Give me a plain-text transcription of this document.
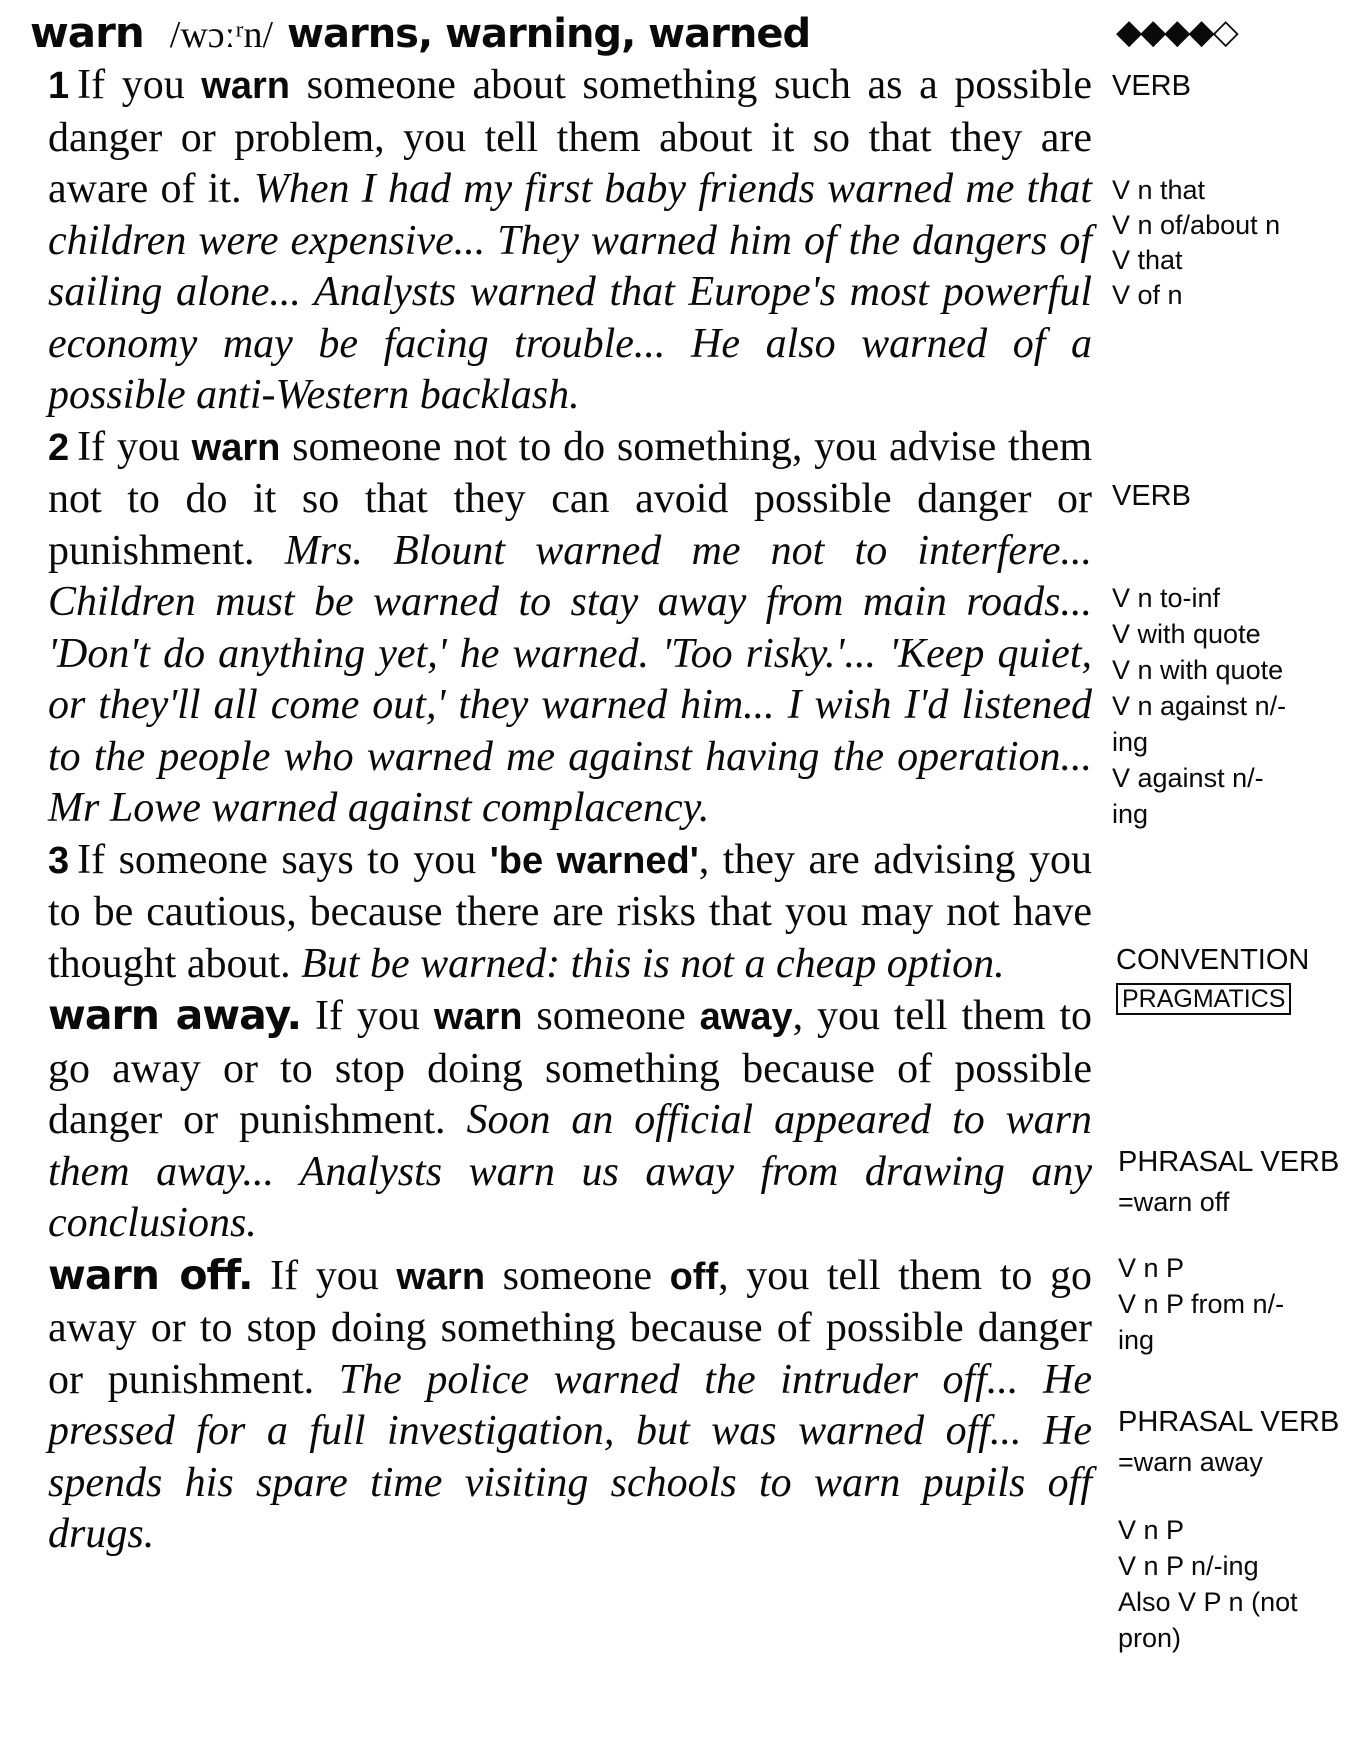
warn /wɔːʳn/ warns, warning, warned	◆◆◆◆◇

1 If you warn someone about something such as a possible danger or problem, you tell them about it so that they are aware of it. When I had my first baby friends warned me that children were expensive... They warned him of the dangers of sailing alone... Analysts warned that Europe's most powerful economy may be facing trouble... He also warned of a possible anti-Western backlash.

2 If you warn someone not to do something, you advise them not to do it so that they can avoid possible danger or punishment. Mrs. Blount warned me not to interfere... Children must be warned to stay away from main roads... 'Don't do anything yet,' he warned. 'Too risky.'... 'Keep quiet, or they'll all come out,' they warned him... I wish I'd listened to the people who warned me against having the operation... Mr Lowe warned against complacency.

3 If someone says to you 'be warned', they are advising you to be cautious, because there are risks that you may not have thought about. But be warned: this is not a cheap option.

warn away. If you warn someone away, you tell them to go away or to stop doing something because of possible danger or punishment. Soon an official appeared to warn them away... Analysts warn us away from drawing any conclusions.

warn off. If you warn someone off, you tell them to go away or to stop doing something because of possible danger or punishment. The police warned the intruder off... He pressed for a full investigation, but was warned off... He spends his spare time visiting schools to warn pupils off drugs.

VERB
V n that
V n of/about n
V that
V of n
VERB
V n to-inf
V with quote
V n with quote
V n against n/-
ing
V against n/-
ing
CONVENTION
PRAGMATICS
PHRASAL VERB
=warn off
V n P
V n P from n/-
ing
PHRASAL VERB
=warn away
V n P
V n P n/-ing
Also V P n (not
pron)
